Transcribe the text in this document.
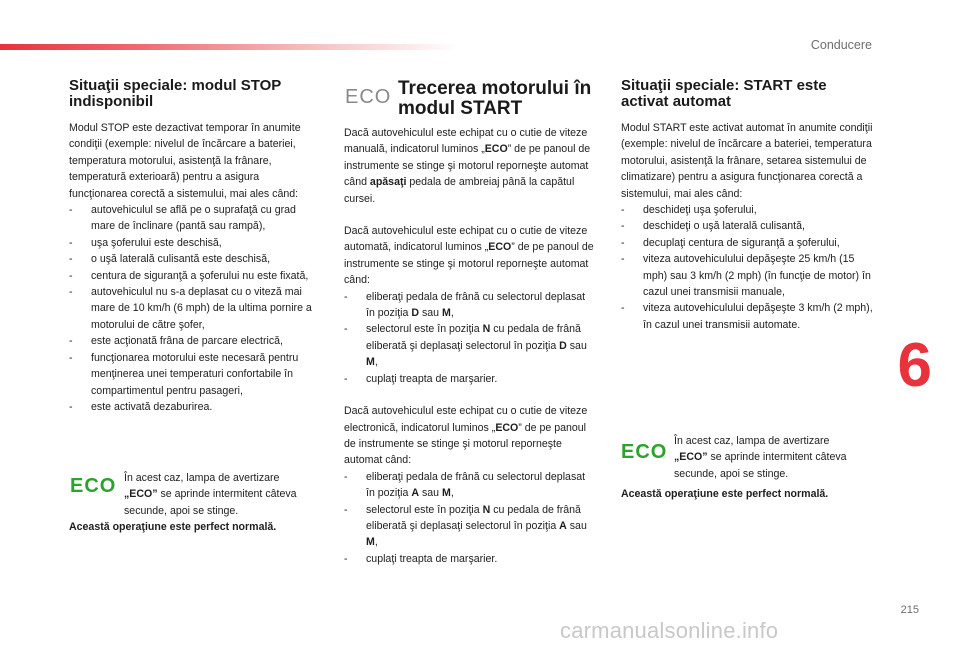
Conducere
Situaţii speciale: modul STOP
indisponibil

Modul STOP este dezactivat temporar în anumite condiţii (exemple: nivelul de încărcare a bateriei, temperatura motorului, asistenţă la frânare, temperatură exterioară) pentru a asigura funcţionarea corectă a sistemului, mai ales când:

- autovehiculul se află pe o suprafaţă cu grad mare de înclinare (pantă sau rampă),
- uşa şoferului este deschisă,
- o uşă laterală culisantă este deschisă,
- centura de siguranţă a şoferului nu este fixată,
- autovehiculul nu s-a deplasat cu o viteză mai mare de 10 km/h (6 mph) de la ultima pornire a motorului de către şofer,
- este acţionată frâna de parcare electrică,
- funcţionarea motorului este necesară pentru menţinerea unei temperaturi confortabile în compartimentul pentru pasageri,
- este activată dezaburirea.
ECO În acest caz, lampa de avertizare
„ECO” se aprinde intermitent câteva secunde, apoi se stinge.
Această operaţiune este perfect normală.
ECO Trecerea motorului în
modul START

Dacă autovehiculul este echipat cu o cutie de viteze manuală, indicatorul luminos „ECO” de pe panoul de instrumente se stinge şi motorul reporneşte automat când apăsaţi pedala de ambreiaj până la capătul cursei.

Dacă autovehiculul este echipat cu o cutie de viteze automată, indicatorul luminos „ECO” de pe panoul de instrumente se stinge şi motorul reporneşte automat când:

- eliberaţi pedala de frână cu selectorul deplasat în poziţia D sau M,
- selectorul este în poziţia N cu pedala de frână eliberată şi deplasaţi selectorul în poziţia D sau M,
- cuplaţi treapta de marşarier.

Dacă autovehiculul este echipat cu o cutie de viteze electronică, indicatorul luminos „ECO” de pe panoul de instrumente se stinge şi motorul reporneşte automat când:

- eliberaţi pedala de frână cu selectorul deplasat în poziţia A sau M,
- selectorul este în poziţia N cu pedala de frână eliberată şi deplasaţi selectorul în poziţia A sau M,
- cuplaţi treapta de marşarier.
Situaţii speciale: START este
activat automat

Modul START este activat automat în anumite condiţii (exemple: nivelul de încărcare a bateriei, temperatura motorului, asistenţă la frânare, setarea sistemului de climatizare) pentru a asigura funcţionarea corectă a sistemului, mai ales când:

- deschideţi uşa şoferului,
- deschideţi o uşă laterală culisantă,
- decuplaţi centura de siguranţă a şoferului,
- viteza autovehiculului depăşeşte 25 km/h (15 mph) sau 3 km/h (2 mph) (în funcţie de motor) în cazul unei transmisii manuale,
- viteza autovehiculului depăşeşte 3 km/h (2 mph), în cazul unei transmisii automate.
ECO În acest caz, lampa de avertizare
„ECO” se aprinde intermitent câteva secunde, apoi se stinge.
Această operaţiune este perfect normală.
6
215
carmanualsonline.info
